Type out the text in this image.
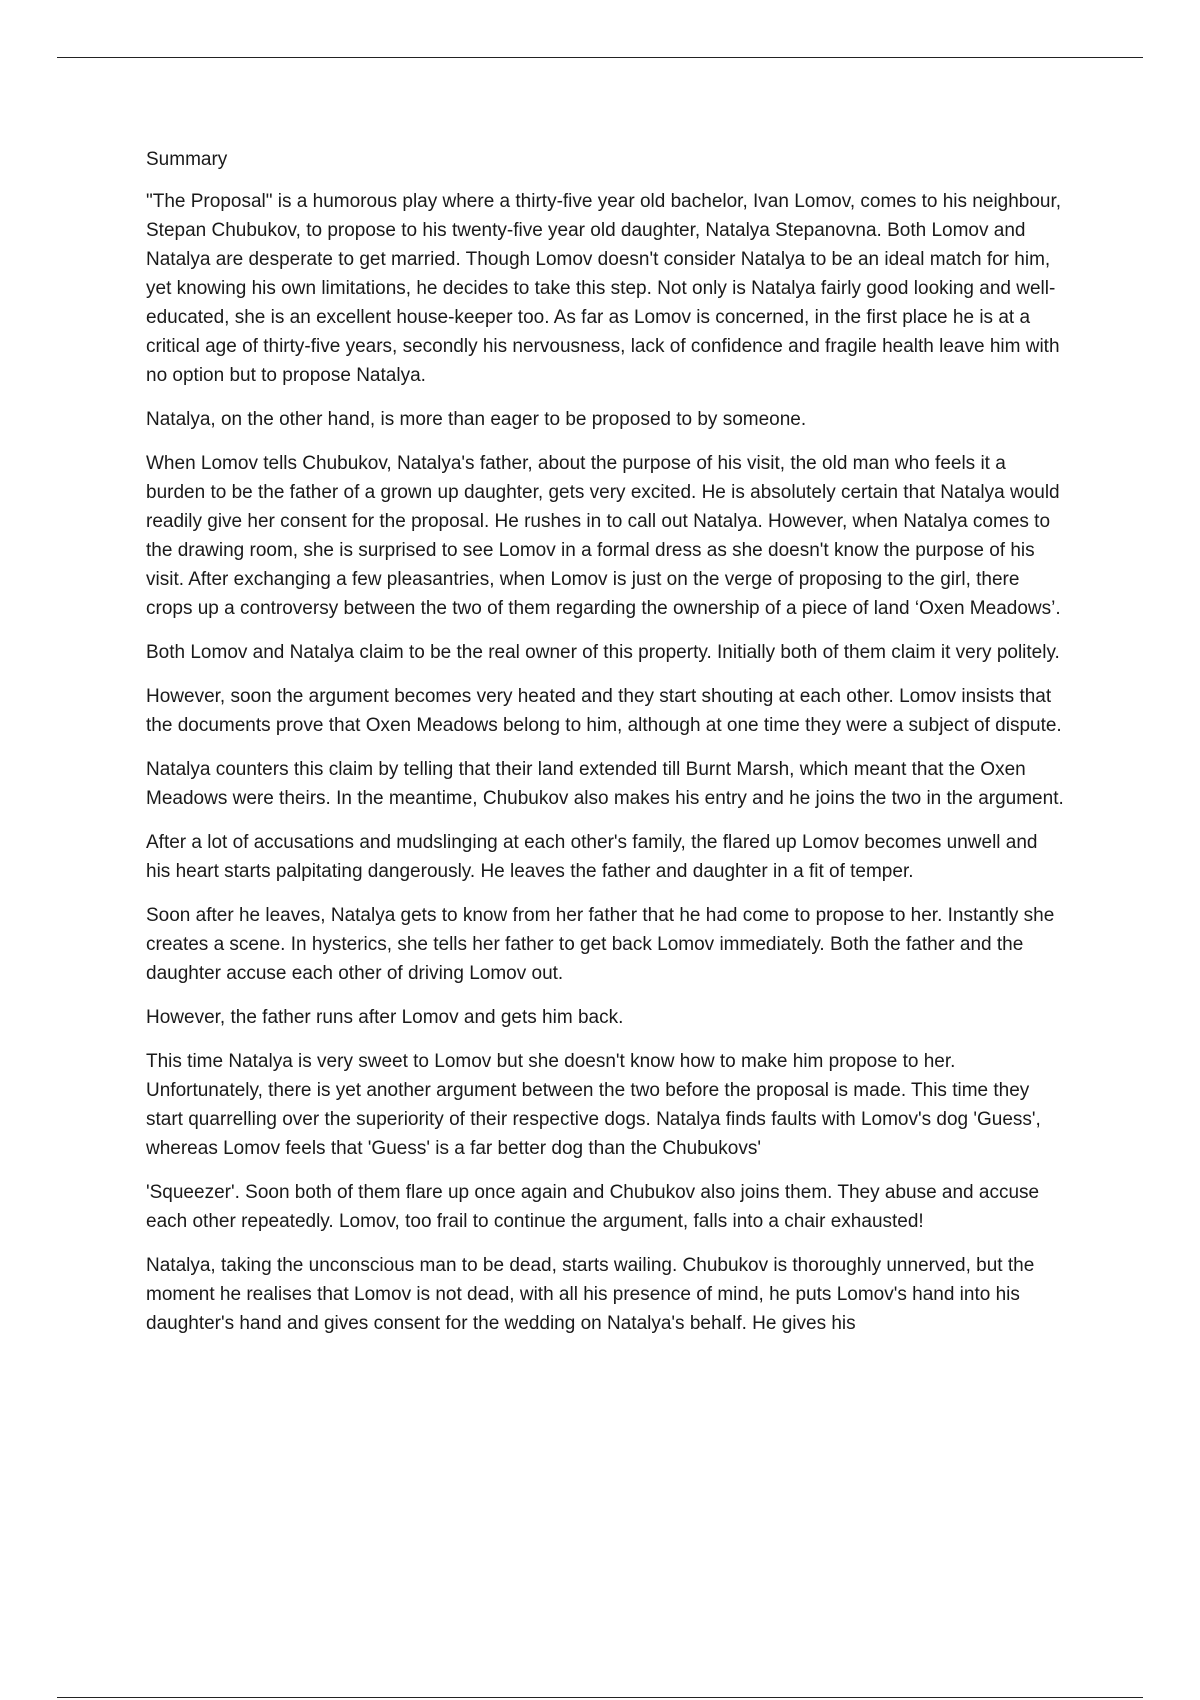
Summary

"The Proposal" is a humorous play where a thirty-five year old bachelor, Ivan Lomov, comes to his neighbour, Stepan Chubukov, to propose to his twenty-five year old daughter, Natalya Stepanovna. Both Lomov and Natalya are desperate to get married. Though Lomov doesn't consider Natalya to be an ideal match for him, yet knowing his own limitations, he decides to take this step. Not only is Natalya fairly good looking and well-educated, she is an excellent house-keeper too. As far as Lomov is concerned, in the first place he is at a critical age of thirty-five years, secondly his nervousness, lack of confidence and fragile health leave him with no option but to propose Natalya.

Natalya, on the other hand, is more than eager to be proposed to by someone.

When Lomov tells Chubukov, Natalya's father, about the purpose of his visit, the old man who feels it a burden to be the father of a grown up daughter, gets very excited. He is absolutely certain that Natalya would readily give her consent for the proposal. He rushes in to call out Natalya. However, when Natalya comes to the drawing room, she is surprised to see Lomov in a formal dress as she doesn't know the purpose of his visit. After exchanging a few pleasantries, when Lomov is just on the verge of proposing to the girl, there crops up a controversy between the two of them regarding the ownership of a piece of land ‘Oxen Meadows’.

Both Lomov and Natalya claim to be the real owner of this property. Initially both of them claim it very politely.

However, soon the argument becomes very heated and they start shouting at each other. Lomov insists that the documents prove that Oxen Meadows belong to him, although at one time they were a subject of dispute.

Natalya counters this claim by telling that their land extended till Burnt Marsh, which meant that the Oxen Meadows were theirs. In the meantime, Chubukov also makes his entry and he joins the two in the argument.

After a lot of accusations and mudslinging at each other's family, the flared up Lomov becomes unwell and his heart starts palpitating dangerously. He leaves the father and daughter in a fit of temper.

Soon after he leaves, Natalya gets to know from her father that he had come to propose to her. Instantly she creates a scene. In hysterics, she tells her father to get back Lomov immediately. Both the father and the daughter accuse each other of driving Lomov out.

However, the father runs after Lomov and gets him back.

This time Natalya is very sweet to Lomov but she doesn't know how to make him propose to her. Unfortunately, there is yet another argument between the two before the proposal is made. This time they start quarrelling over the superiority of their respective dogs. Natalya finds faults with Lomov's dog 'Guess', whereas Lomov feels that 'Guess' is a far better dog than the Chubukovs'

'Squeezer'. Soon both of them flare up once again and Chubukov also joins them. They abuse and accuse each other repeatedly. Lomov, too frail to continue the argument, falls into a chair exhausted!

Natalya, taking the unconscious man to be dead, starts wailing. Chubukov is thoroughly unnerved, but the moment he realises that Lomov is not dead, with all his presence of mind, he puts Lomov's hand into his daughter's hand and gives consent for the wedding on Natalya's behalf. He gives his
